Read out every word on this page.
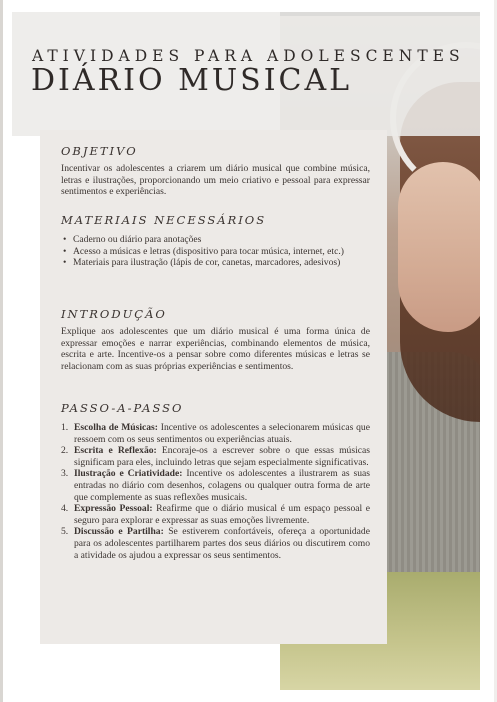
ATIVIDADES PARA ADOLESCENTES
DIÁRIO MUSICAL
OBJETIVO
Incentivar os adolescentes a criarem um diário musical que combine música, letras e ilustrações, proporcionando um meio criativo e pessoal para expressar sentimentos e experiências.
MATERIAIS NECESSÁRIOS
• Caderno ou diário para anotações
• Acesso a músicas e letras (dispositivo para tocar música, internet, etc.)
• Materiais para ilustração (lápis de cor, canetas, marcadores, adesivos)
INTRODUÇÃO
Explique aos adolescentes que um diário musical é uma forma única de expressar emoções e narrar experiências, combinando elementos de música, escrita e arte. Incentive-os a pensar sobre como diferentes músicas e letras se relacionam com as suas próprias experiências e sentimentos.
PASSO-A-PASSO
1. Escolha de Músicas: Incentive os adolescentes a selecionarem músicas que ressoem com os seus sentimentos ou experiências atuais.
2. Escrita e Reflexão: Encoraje-os a escrever sobre o que essas músicas significam para eles, incluindo letras que sejam especialmente significativas.
3. Ilustração e Criatividade: Incentive os adolescentes a ilustrarem as suas entradas no diário com desenhos, colagens ou qualquer outra forma de arte que complemente as suas reflexões musicais.
4. Expressão Pessoal: Reafirme que o diário musical é um espaço pessoal e seguro para explorar e expressar as suas emoções livremente.
5. Discussão e Partilha: Se estiverem confortáveis, ofereça a oportunidade para os adolescentes partilharem partes dos seus diários ou discutirem como a atividade os ajudou a expressar os seus sentimentos.
